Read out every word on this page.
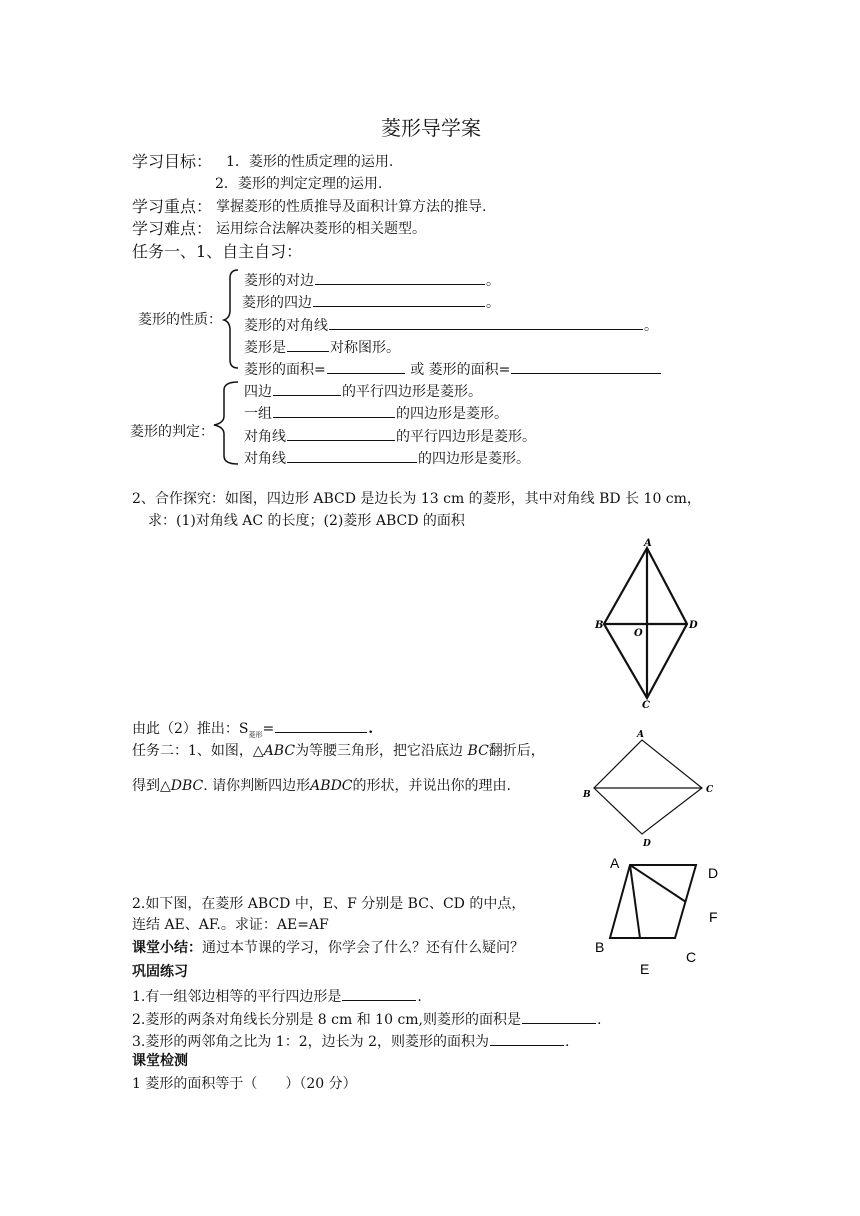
菱形导学案
学习目标： 1．菱形的性质定理的运用.
2．菱形的判定定理的运用.
学习重点： 掌握菱形的性质推导及面积计算方法的推导.
学习难点： 运用综合法解决菱形的相关题型。
任务一、1、自主自习：
菱形的性质：
菱形的对边	。
菱形的四边	。
菱形的对角线	。
菱形是	对称图形。
菱形的面积=	或 菱形的面积=
菱形的判定：
四边	的平行四边形是菱形。
一组	的四边形是菱形。
对角线	的平行四边形是菱形。
对角线	的四边形是菱形。
2、合作探究：如图，四边形 ABCD 是边长为 13 cm 的菱形，其中对角线 BD 长 10 cm，
求：(1)对角线 AC 的长度；(2)菱形 ABCD 的面积
A
B	D
O
C
由此（2）推出：$S_{菱形}=$	.
任务二：1、如图，△ABC为等腰三角形，把它沿底边 BC翻折后，
得到△DBC. 请你判断四边形ABDC的形状，并说出你的理由.
A
B	C
D
2.如下图，在菱形 ABCD 中，E、F 分别是 BC、CD 的中点，
连结 AE、AF.。求证：AE=AF
A
D
F
B
C
E
课堂小结：通过本节课的学习，你学会了什么？还有什么疑问？
巩固练习
1.有一组邻边相等的平行四边形是	.
2.菱形的两条对角线长分别是 8 cm 和 10 cm,则菱形的面积是	.
3.菱形的两邻角之比为 1：2，边长为 2，则菱形的面积为	.
课堂检测
1 菱形的面积等于（　　）（20 分）
